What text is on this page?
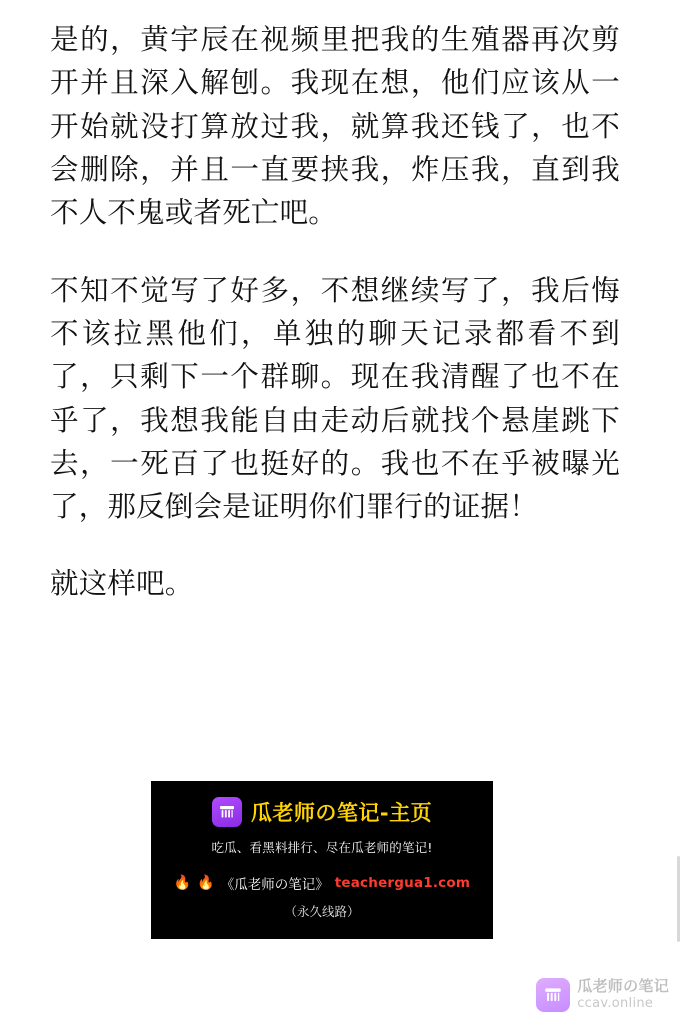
是的，黄宇辰在视频里把我的生殖器再次剪开并且深入解刨。我现在想，他们应该从一开始就没打算放过我，就算我还钱了，也不会删除，并且一直要挟我，炸压我，直到我不人不鬼或者死亡吧。

不知不觉写了好多，不想继续写了，我后悔不该拉黑他们，单独的聊天记录都看不到了，只剩下一个群聊。现在我清醒了也不在乎了，我想我能自由走动后就找个悬崖跳下去，一死百了也挺好的。我也不在乎被曝光了，那反倒会是证明你们罪行的证据！

就这样吧。

瓜老师の笔记-主页
吃瓜、看黑料排行、尽在瓜老师的笔记!
🔥 🔥 《瓜老师の笔记》 teachergua1.com
（永久线路）
瓜老师の笔记
ccav.online
